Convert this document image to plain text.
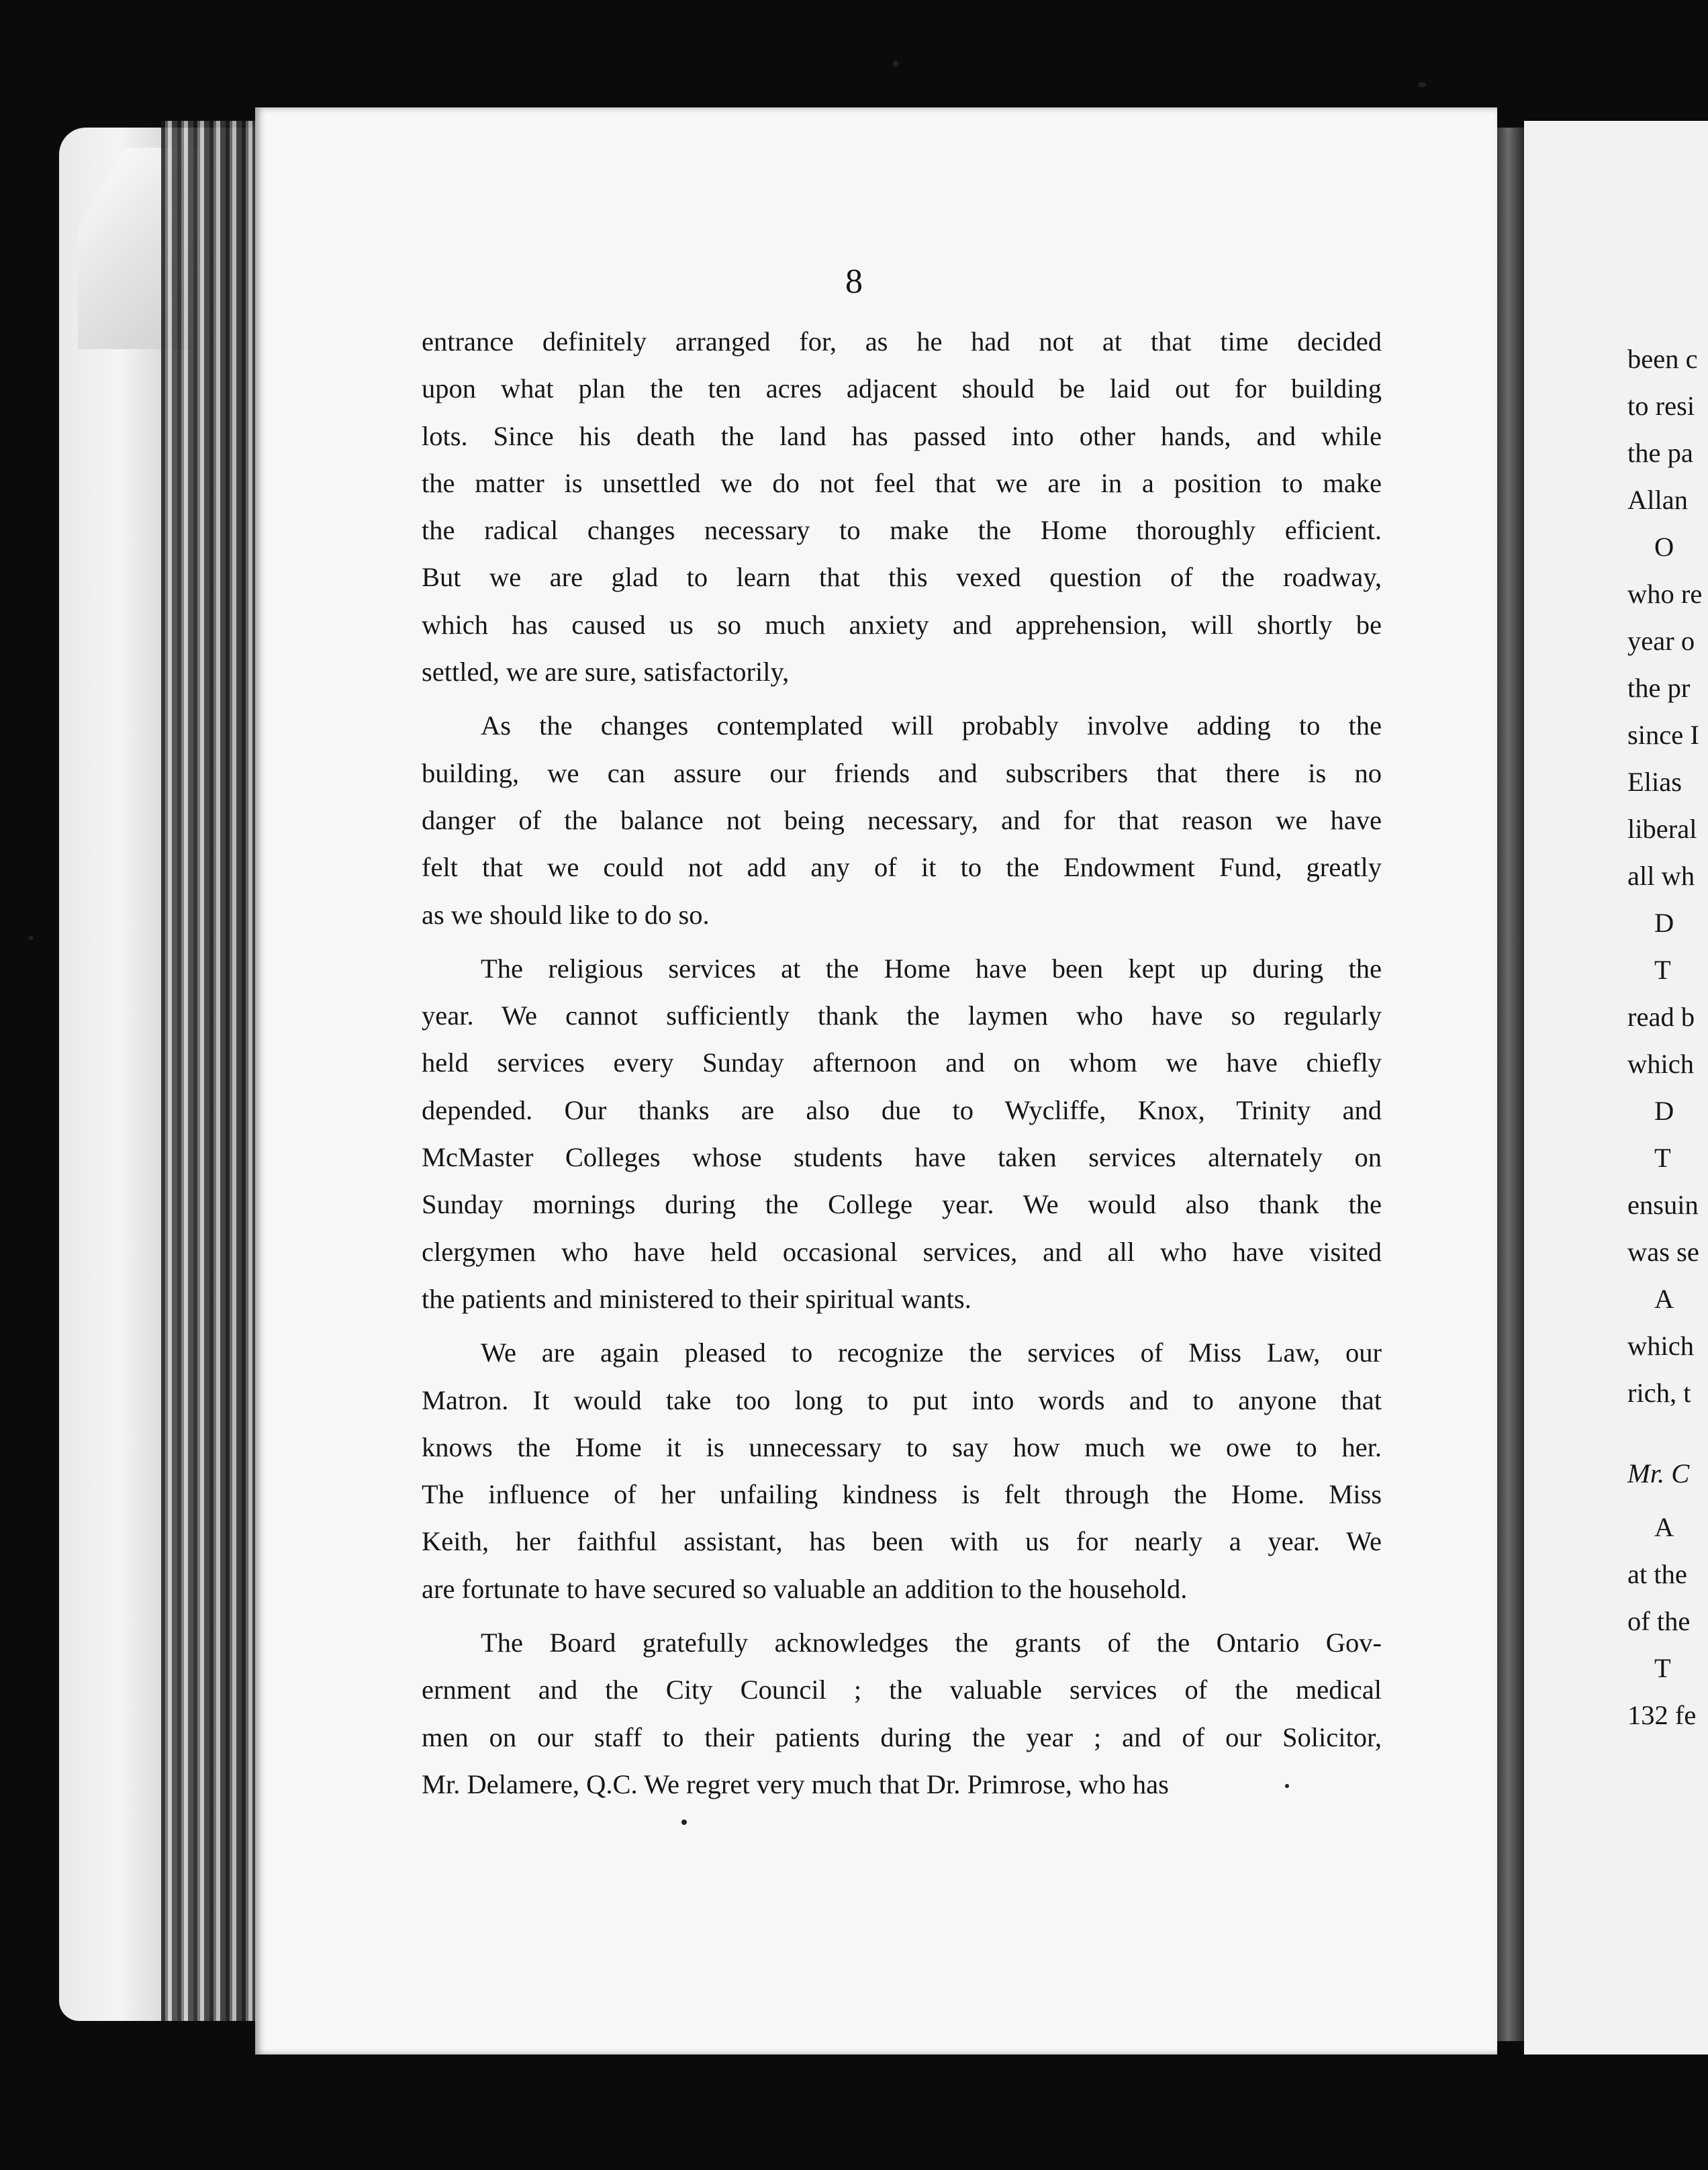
8
entrance definitely arranged for, as he had not at that time decided
upon what plan the ten acres adjacent should be laid out for building
lots. Since his death the land has passed into other hands, and while
the matter is unsettled we do not feel that we are in a position to make
the radical changes necessary to make the Home thoroughly efficient.
But we are glad to learn that this vexed question of the roadway,
which has caused us so much anxiety and apprehension, will shortly be
settled, we are sure, satisfactorily,
As the changes contemplated will probably involve adding to the
building, we can assure our friends and subscribers that there is no
danger of the balance not being necessary, and for that reason we have
felt that we could not add any of it to the Endowment Fund, greatly
as we should like to do so.
The religious services at the Home have been kept up during the
year. We cannot sufficiently thank the laymen who have so regularly
held services every Sunday afternoon and on whom we have chiefly
depended. Our thanks are also due to Wycliffe, Knox, Trinity and
McMaster Colleges whose students have taken services alternately on
Sunday mornings during the College year. We would also thank the
clergymen who have held occasional services, and all who have visited
the patients and ministered to their spiritual wants.
We are again pleased to recognize the services of Miss Law, our
Matron. It would take too long to put into words and to anyone that
knows the Home it is unnecessary to say how much we owe to her.
The influence of her unfailing kindness is felt through the Home. Miss
Keith, her faithful assistant, has been with us for nearly a year. We
are fortunate to have secured so valuable an addition to the household.
The Board gratefully acknowledges the grants of the Ontario Gov-
ernment and the City Council ; the valuable services of the medical
men on our staff to their patients during the year ; and of our Solicitor,
Mr. Delamere, Q.C. We regret very much that Dr. Primrose, who has
been c
to resi
the pa
Allan
O
who re
year o
the pr
since I
Elias
liberal
all wh
D
T
read b
which
D
T
ensuin
was se
A
which
rich, t
Mr. C
A
at the
of the
T
132 fe
